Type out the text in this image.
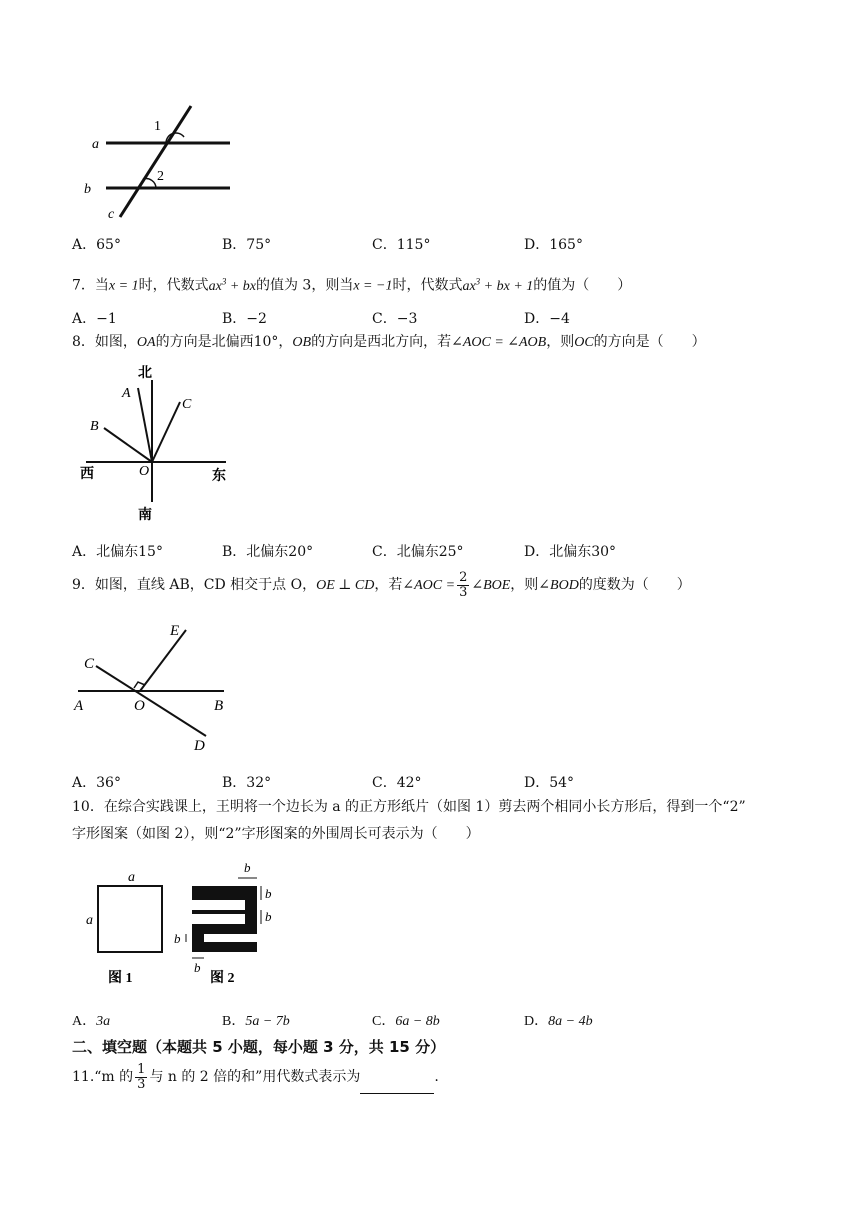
a
b
c
1
2
A．65°	B．75°	C．115°	D．165°
7．当x = 1时，代数式$ax^3$ + bx的值为 3，则当x = −1时，代数式$ax^3$ + bx + 1的值为（　　）
A．−1	B．−2	C．−3	D．−4
8．如图，OA的方向是北偏西10°，OB的方向是西北方向，若∠AOC = ∠AOB，则OC的方向是（　　）
北
南
西	东
A
B
C
O
A．北偏东15°	B．北偏东20°	C．北偏东25°	D．北偏东30°
9．如图，直线 AB，CD 相交于点 O，OE ⊥ CD，若∠AOC = $\frac{2}{3}$ ∠BOE，则∠BOD的度数为（　　）
A	B
C
D
E
O
A．36°	B．32°	C．42°	D．54°
10．在综合实践课上，王明将一个边长为 a 的正方形纸片（如图 1）剪去两个相同小长方形后，得到一个“2”
字形图案（如图 2），则“2”字形图案的外围周长可表示为（　　）
a
a
图 1
b
b
b
b
b
图 2
A．3a	B．5a − 7b	C．6a − 8b	D．8a − 4b
二、填空题（本题共 5 小题，每小题 3 分，共 15 分）
11.“m 的 $\frac{1}{3}$ 与 n 的 2 倍的和”用代数式表示为	.
